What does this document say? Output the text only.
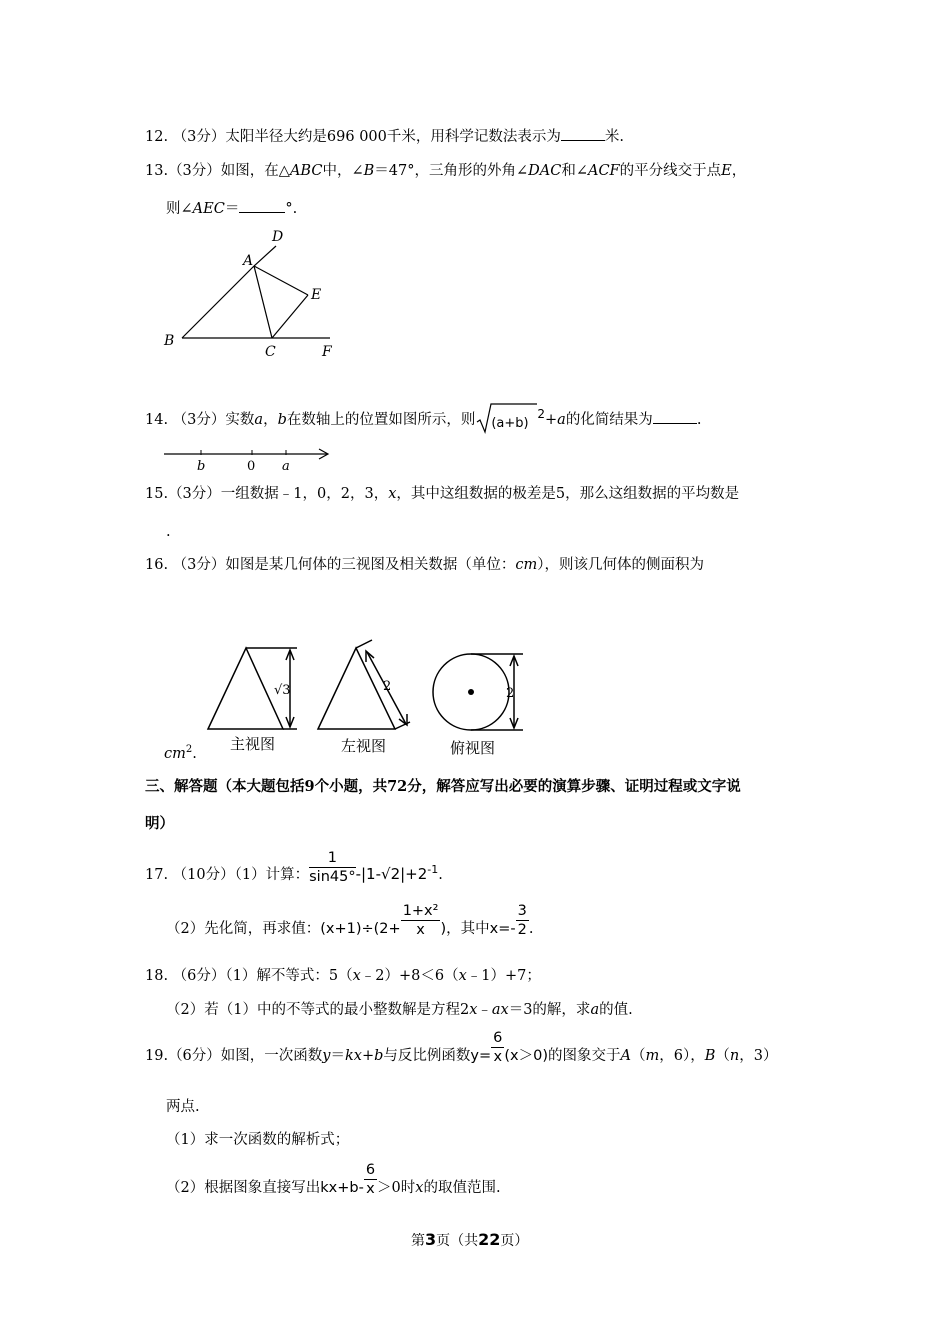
12. （3分）太阳半径大约是696 000千米，用科学记数法表示为	米.
13.（3分）如图，在△ABC中，∠B＝47°，三角形的外角∠DAC和∠ACF的平分线交于点E，
则∠AEC＝	°.
D
A
E
B
C	F
14. （3分）实数a，b在数轴上的位置如图所示，则 (a+b)
$^2$+a的化简结果为	.
b	0 a
15.（3分）一组数据﹣1，0，2，3，x，其中这组数据的极差是5，那么这组数据的平均数是
.
16. （3分）如图是某几何体的三视图及相关数据（单位：cm），则该几何体的侧面积为
√3	2	2
主视图	左视图	俯视图
$cm^2$.
三、解答题（本大题包括9个小题，共72分，解答应写出必要的演算步骤、证明过程或文字说
明）
17. （10分）（1）计算： $\frac{1}{\sin 45^\circ} -|1-√2|+2^{-1}$.
（2）先化简，再求值：$(x+1)\div(2+ \frac{\text{1+x²}}{x}$ )，其中$x=- \frac{3}{2}$ .
18. （6分）（1）解不等式：5（x﹣2）+8＜6（x﹣1）+7；
（2）若（1）中的不等式的最小整数解是方程2x﹣ax＝3的解，求a的值.
19.（6分）如图，一次函数y＝kx+b与反比例函数$y= \frac{6}{x} (x>0)$的图象交于A（m，6），B（n，3）
两点.
（1）求一次函数的解析式；
（2）根据图象直接写出$kx+b- \frac{6}{x} >0$时x的取值范围.
第3页（共22页）
